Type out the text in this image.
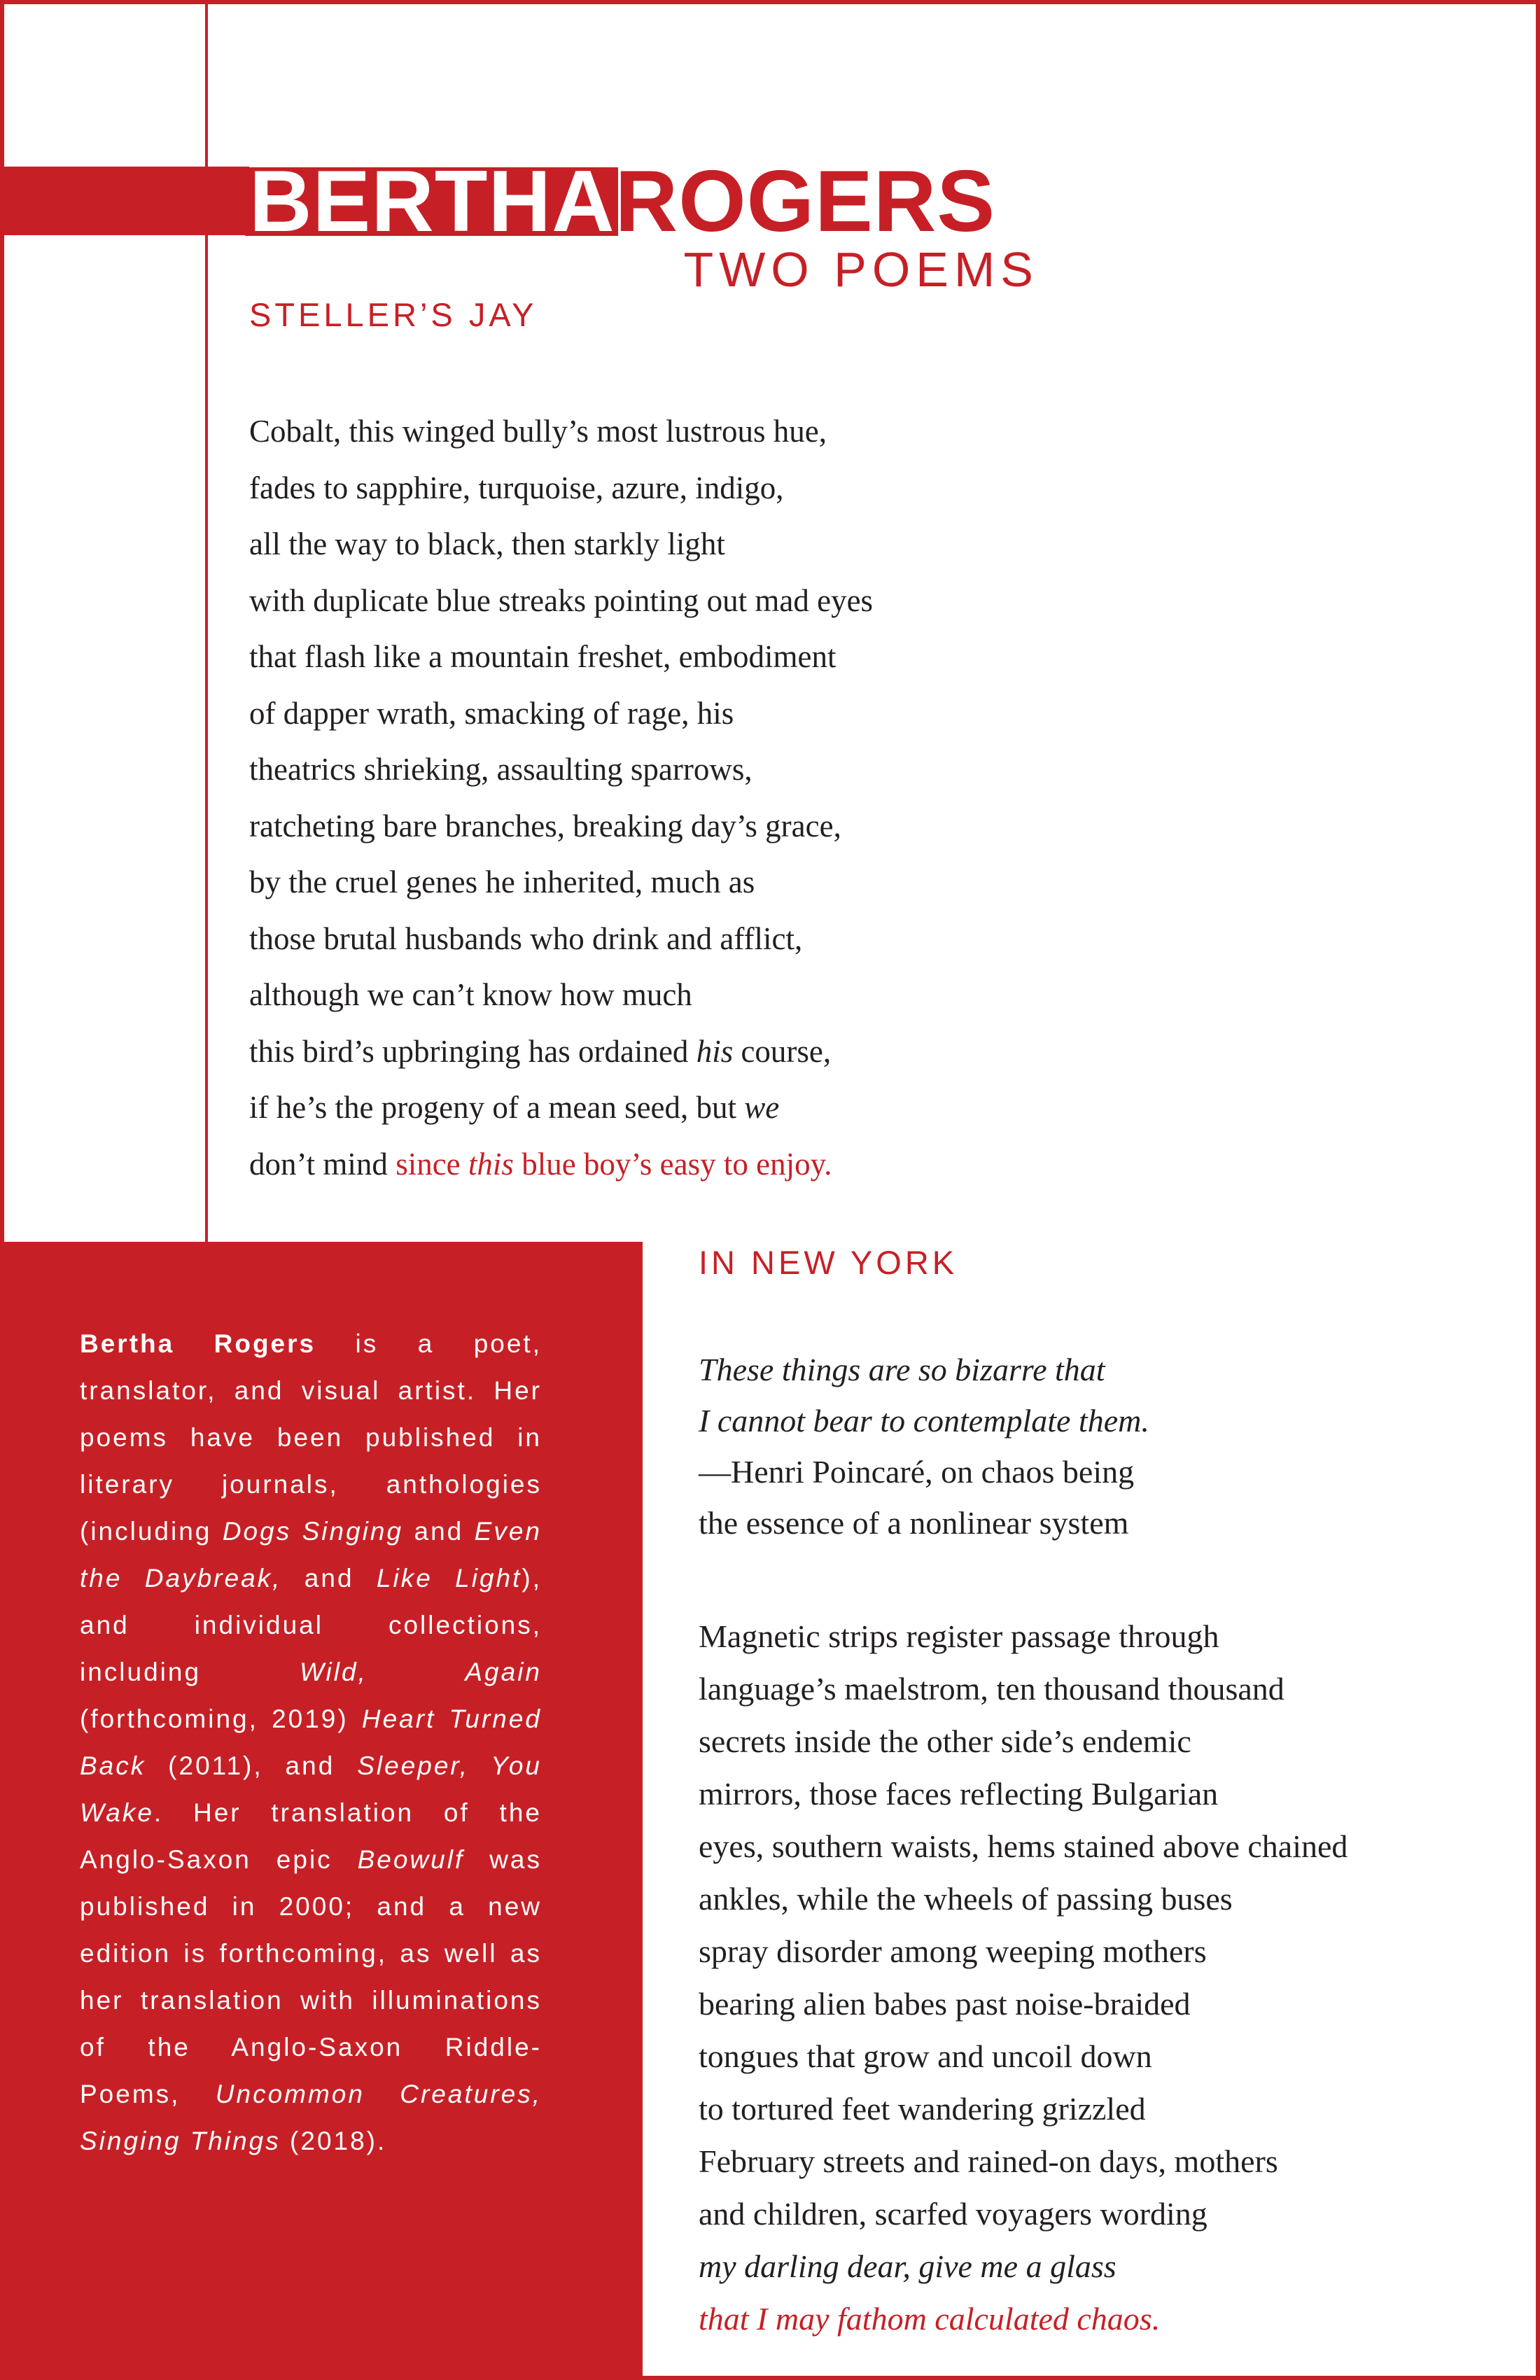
BERTHAROGERS
TWO POEMS
STELLER’S JAY
Cobalt, this winged bully’s most lustrous hue,
fades to sapphire, turquoise, azure, indigo,
all the way to black, then starkly light
with duplicate blue streaks pointing out mad eyes
that flash like a mountain freshet, embodiment
of dapper wrath, smacking of rage, his
theatrics shrieking, assaulting sparrows,
ratcheting bare branches, breaking day’s grace,
by the cruel genes he inherited, much as
those brutal husbands who drink and afflict,
although we can’t know how much
this bird’s upbringing has ordained his course,
if he’s the progeny of a mean seed, but we
don’t mind since this blue boy’s easy to enjoy.

Bertha Rogers is a poet, translator, and visual artist. Her poems have been published in literary journals, anthologies (including Dogs Singing and Even the Daybreak, and Like Light), and individual collections, including Wild, Again (forthcoming, 2019) Heart Turned Back (2011), and Sleeper, You Wake. Her translation of the Anglo-Saxon epic Beowulf was published in 2000; and a new edition is forthcoming, as well as her translation with illuminations of the Anglo-Saxon Riddle-Poems, Uncommon Creatures, Singing Things (2018).

IN NEW YORK
These things are so bizarre that
I cannot bear to contemplate them.
—Henri Poincaré, on chaos being
the essence of a nonlinear system
Magnetic strips register passage through
language’s maelstrom, ten thousand thousand
secrets inside the other side’s endemic
mirrors, those faces reflecting Bulgarian
eyes, southern waists, hems stained above chained
ankles, while the wheels of passing buses
spray disorder among weeping mothers
bearing alien babes past noise-braided
tongues that grow and uncoil down
to tortured feet wandering grizzled
February streets and rained-on days, mothers
and children, scarfed voyagers wording
my darling dear, give me a glass
that I may fathom calculated chaos.
